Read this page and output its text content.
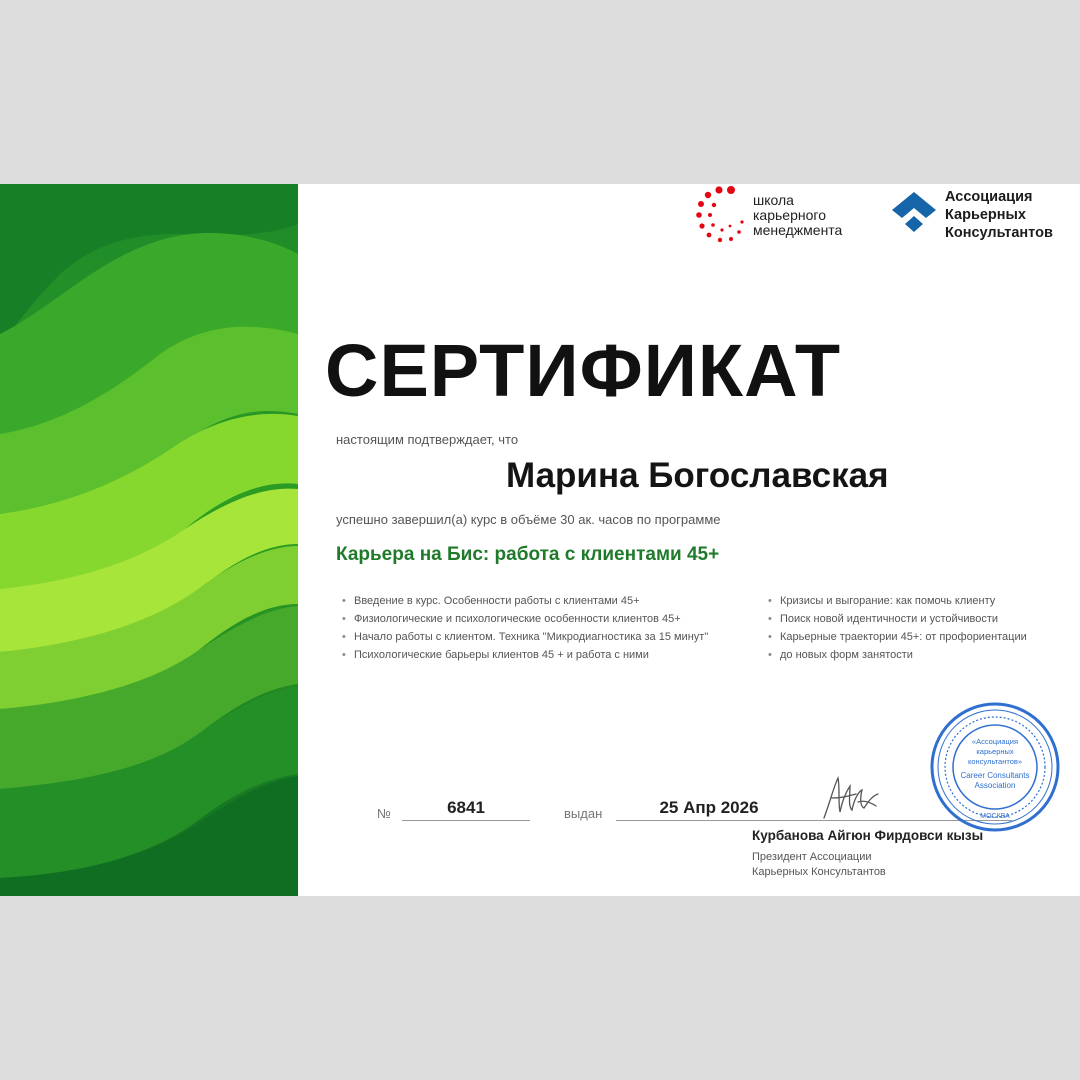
школа
карьерного
менеджмента
Ассоциация
Карьерных
Консультантов
СЕРТИФИКАТ
настоящим подтверждает, что
Марина Богославская
успешно завершил(а) курс в объёме 30 ак. часов по программе
Карьера на Бис: работа с клиентами 45+
• Введение в курс. Особенности работы с клиентами 45+
• Физиологические и психологические особенности клиентов 45+
• Начало работы с клиентом. Техника "Микродиагностика за 15 минут"
• Психологические барьеры клиентов 45 + и работа с ними
• Кризисы и выгорание: как помочь клиенту
• Поиск новой идентичности и устойчивости
• Карьерные траектории 45+: от профориентации
• до новых форм занятости
№	6841	выдан	25 Апр 2026
«Ассоциация
карьерных
консультантов»
Career Consultants
Association
МОСКВА
Курбанова Айгюн Фирдовси кызы
Президент Ассоциации
Карьерных Консультантов
